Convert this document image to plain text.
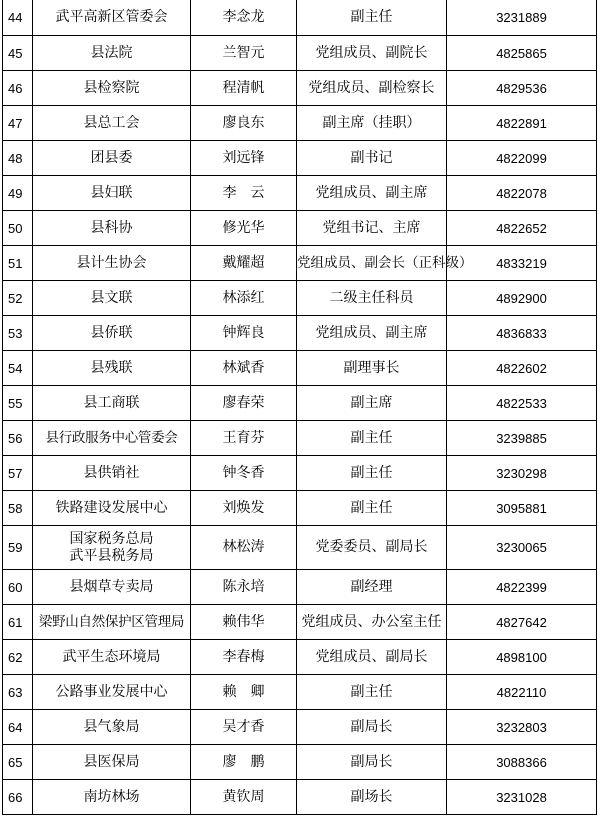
44	武平高新区管委会	李念龙	副主任	3231889
45	县法院	兰智元	党组成员、副院长	4825865
46	县检察院	程清帆	党组成员、副检察长	4829536
47	县总工会	廖良东	副主席（挂职）	4822891
48	团县委	刘远锋	副书记	4822099
49	县妇联	李　云	党组成员、副主席	4822078
50	县科协	修光华	党组书记、主席	4822652
51	县计生协会	戴耀超	党组成员、副会长（正科级）	4833219
52	县文联	林添红	二级主任科员	4892900
53	县侨联	钟辉良	党组成员、副主席	4836833
54	县残联	林斌香	副理事长	4822602
55	县工商联	廖春荣	副主席	4822533
56	县行政服务中心管委会	王育芬	副主任	3239885
57	县供销社	钟冬香	副主任	3230298
58	铁路建设发展中心	刘焕发	副主任	3095881
59	国家税务总局
武平县税务局	林松涛	党委委员、副局长	3230065
60	县烟草专卖局	陈永培	副经理	4822399
61	梁野山自然保护区管理局	赖伟华	党组成员、办公室主任	4827642
62	武平生态环境局	李春梅	党组成员、副局长	4898100
63	公路事业发展中心	赖　卿	副主任	4822110
64	县气象局	吴才香	副局长	3232803
65	县医保局	廖　鹏	副局长	3088366
66	南坊林场	黄钦周	副场长	3231028
